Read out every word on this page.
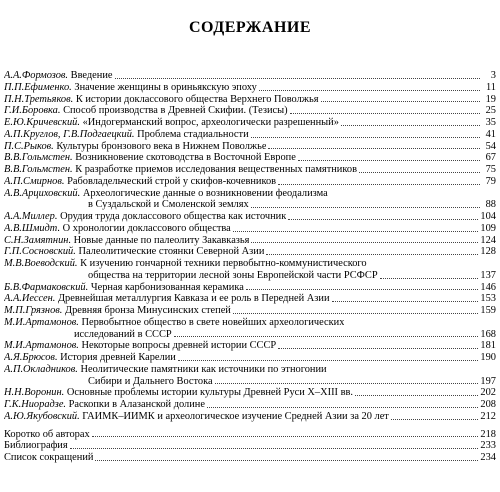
СОДЕРЖАНИЕ
А.А.Формозов. Введение	3
П.П.Ефименко. Значение женщины в ориньякскую эпоху	11
П.Н.Третьяков. К истории доклассового общества Верхнего Поволжья	19
Г.И.Боровка. Способ производства в Древней Скифии. (Тезисы)	25
Е.Ю.Кричевский. «Индогерманский вопрос, археологически разрешенный»	35
А.П.Круглов, Г.В.Подгаецкий. Проблема стадиальности	41
П.С.Рыков. Культуры бронзового века в Нижнем Поволжье	54
В.В.Гольмстен. Возникновение скотоводства в Восточной Европе	67
В.В.Гольмстен. К разработке приемов исследования вещественных памятников	75
А.П.Смирнов. Рабовладельческий строй у скифов-кочевников	79
А.В.Арциховский. Археологические данные о возникновении феодализма
в Суздальской и Смоленской землях	88
А.А.Миллер. Орудия труда доклассового общества как источник	104
А.В.Шмидт. О хронологии доклассового общества	109
С.Н.Замятнин. Новые данные по палеолиту Закавказья	124
Г.П.Сосновский. Палеолитические стоянки Северной Азии	128
М.В.Воеводский. К изучению гончарной техники первобытно-коммунистического
общества на территории лесной зоны Европейской части РСФСР	137
Б.В.Фармаковский. Черная карбонизованная керамика	146
А.А.Иессен. Древнейшая металлургия Кавказа и ее роль в Передней Азии	153
М.П.Грязнов. Древняя бронза Минусинских степей	159
М.И.Артамонов. Первобытное общество в свете новейших археологических
исследований в СССР	168
М.И.Артамонов. Некоторые вопросы древней истории СССР	181
А.Я.Брюсов. История древней Карелии	190
А.П.Окладников. Неолитические памятники как источники по этногонии
Сибири и Дальнего Востока	197
Н.Н.Воронин. Основные проблемы истории культуры Древней Руси X–XIII вв.	202
Г.К.Ниорадзе. Раскопки в Алазанской долине	208
А.Ю.Якубовский. ГАИМК–ИИМК и археологическое изучение Средней Азии за 20 лет	212
Коротко об авторах	218
Библиография	233
Список сокращений	234
